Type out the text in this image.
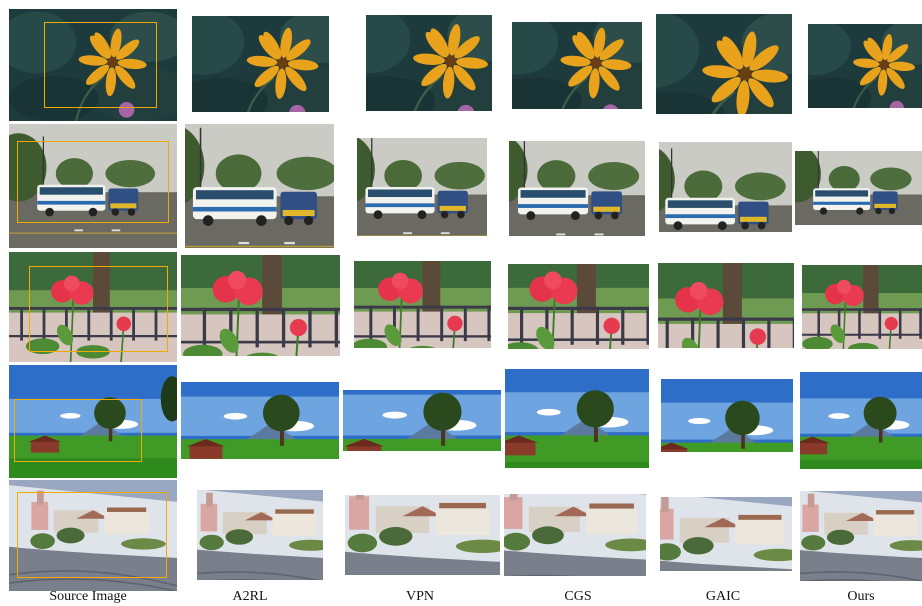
Source Image	A2RL	VPN	CGS	GAIC	Ours
